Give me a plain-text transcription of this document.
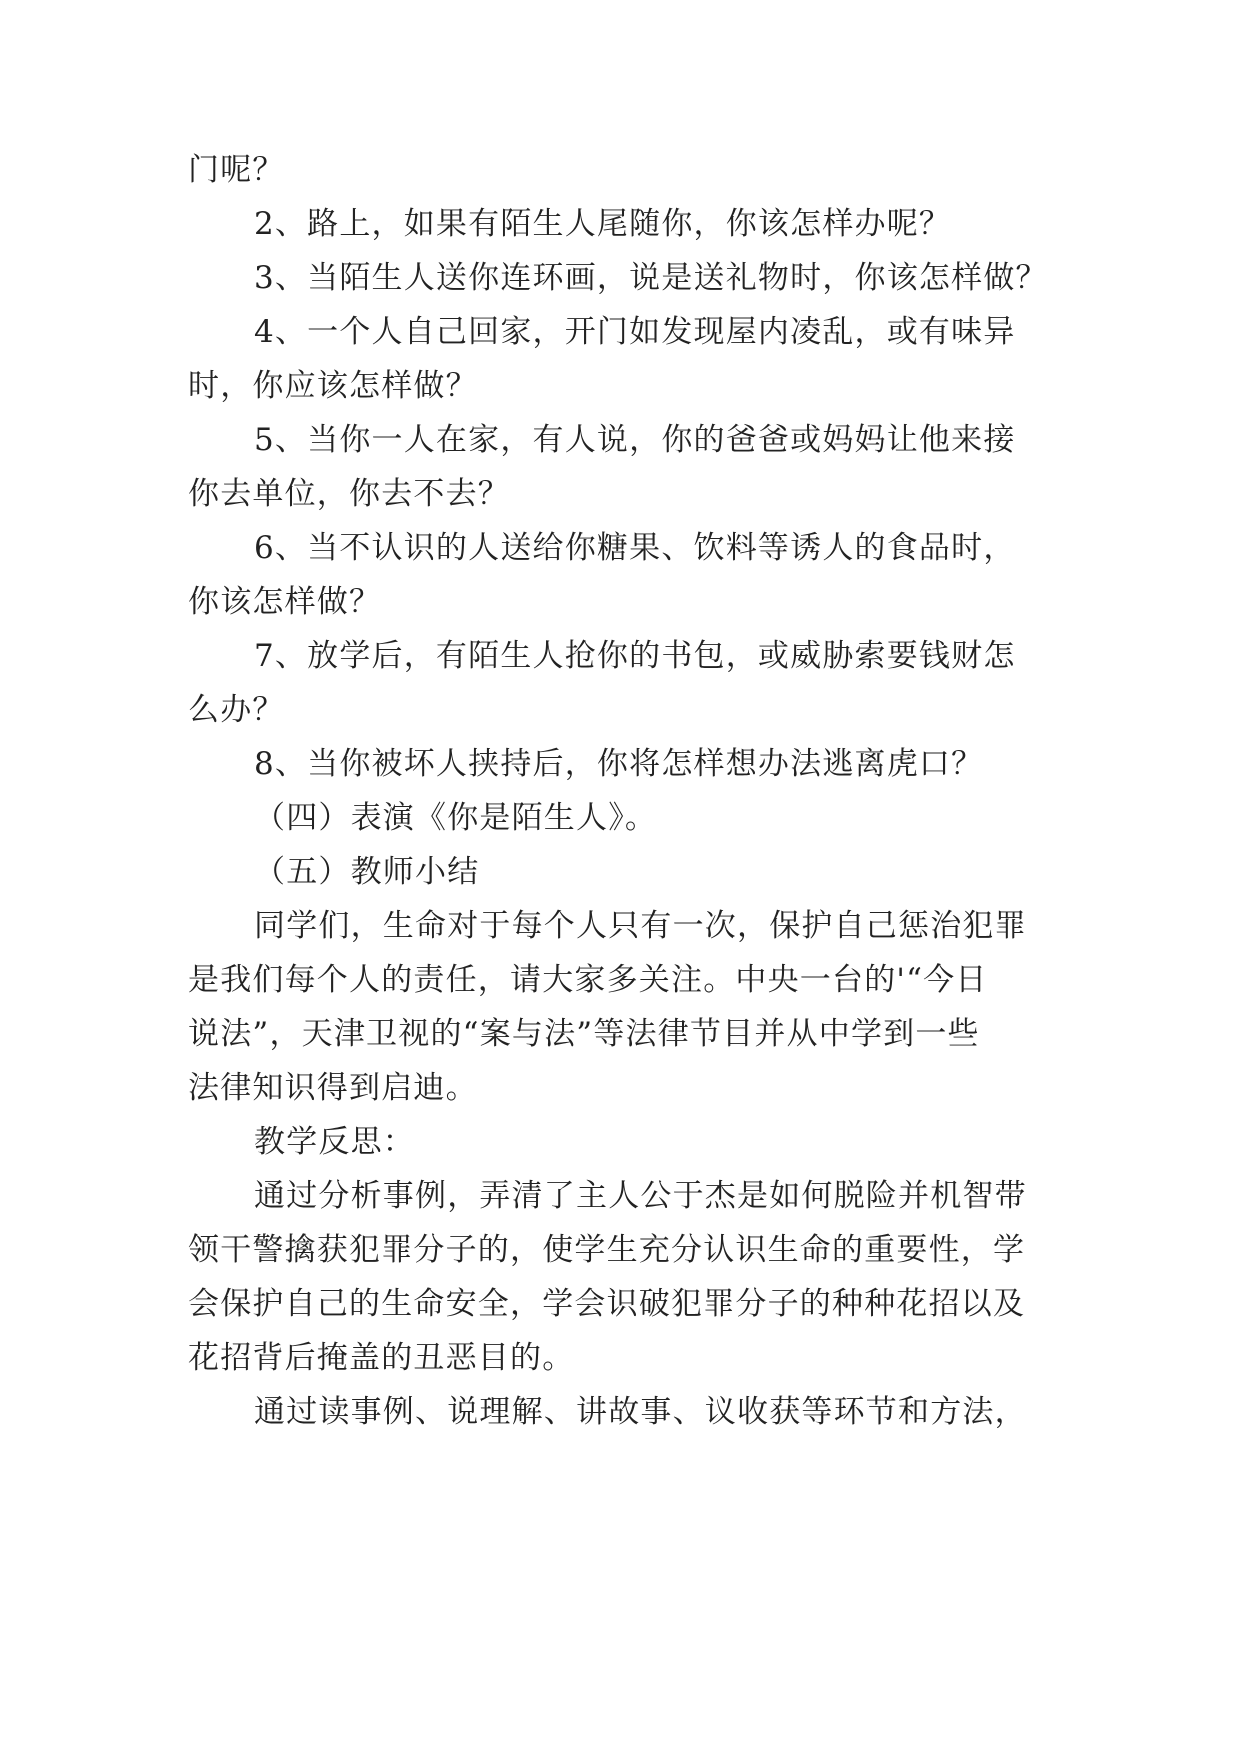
门呢？
2、路上，如果有陌生人尾随你，你该怎样办呢？
3、当陌生人送你连环画，说是送礼物时，你该怎样做？
4、一个人自己回家，开门如发现屋内凌乱，或有味异
时，你应该怎样做？
5、当你一人在家，有人说，你的爸爸或妈妈让他来接
你去单位，你去不去？
6、当不认识的人送给你糖果、饮料等诱人的食品时，
你该怎样做？
7、放学后，有陌生人抢你的书包，或威胁索要钱财怎
么办？
8、当你被坏人挟持后，你将怎样想办法逃离虎口？
（四）表演《你是陌生人》。
（五）教师小结
同学们，生命对于每个人只有一次，保护自己惩治犯罪
是我们每个人的责任，请大家多关注。中央一台的'“今日
说法”，天津卫视的“案与法”等法律节目并从中学到一些
法律知识得到启迪。
教学反思：
通过分析事例，弄清了主人公于杰是如何脱险并机智带
领干警擒获犯罪分子的，使学生充分认识生命的重要性，学
会保护自己的生命安全，学会识破犯罪分子的种种花招以及
花招背后掩盖的丑恶目的。
通过读事例、说理解、讲故事、议收获等环节和方法，
